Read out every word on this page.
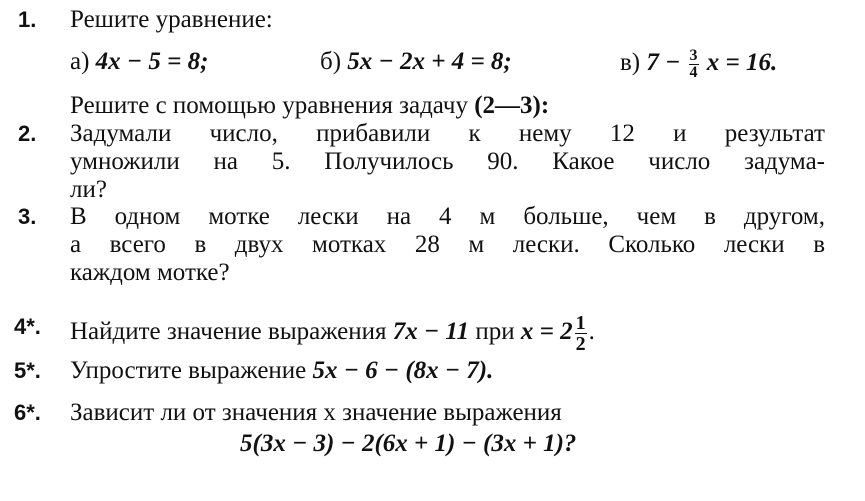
1. Решите уравнение:
а) 4x − 5 = 8;	б) 5x − 2x + 4 = 8;	в) $7 - \frac{3}{4}$ x = 16.
Решите с помощью уравнения задачу (2—3):
2. Задумали число, прибавили к нему 12 и результат
умножили на 5. Получилось 90. Какое число задума-
ли?
3. В одном мотке лески на 4 м больше, чем в другом,
а всего в двух мотках 28 м лески. Сколько лески в
каждом мотке?
4*. Найдите значение выражения 7x − 11 при $x = 2 \frac{1}{2}$ .
5*. Упростите выражение 5x − 6 − (8x − 7).
6*. Зависит ли от значения x значение выражения
5(3x − 3) − 2(6x + 1) − (3x + 1)?
